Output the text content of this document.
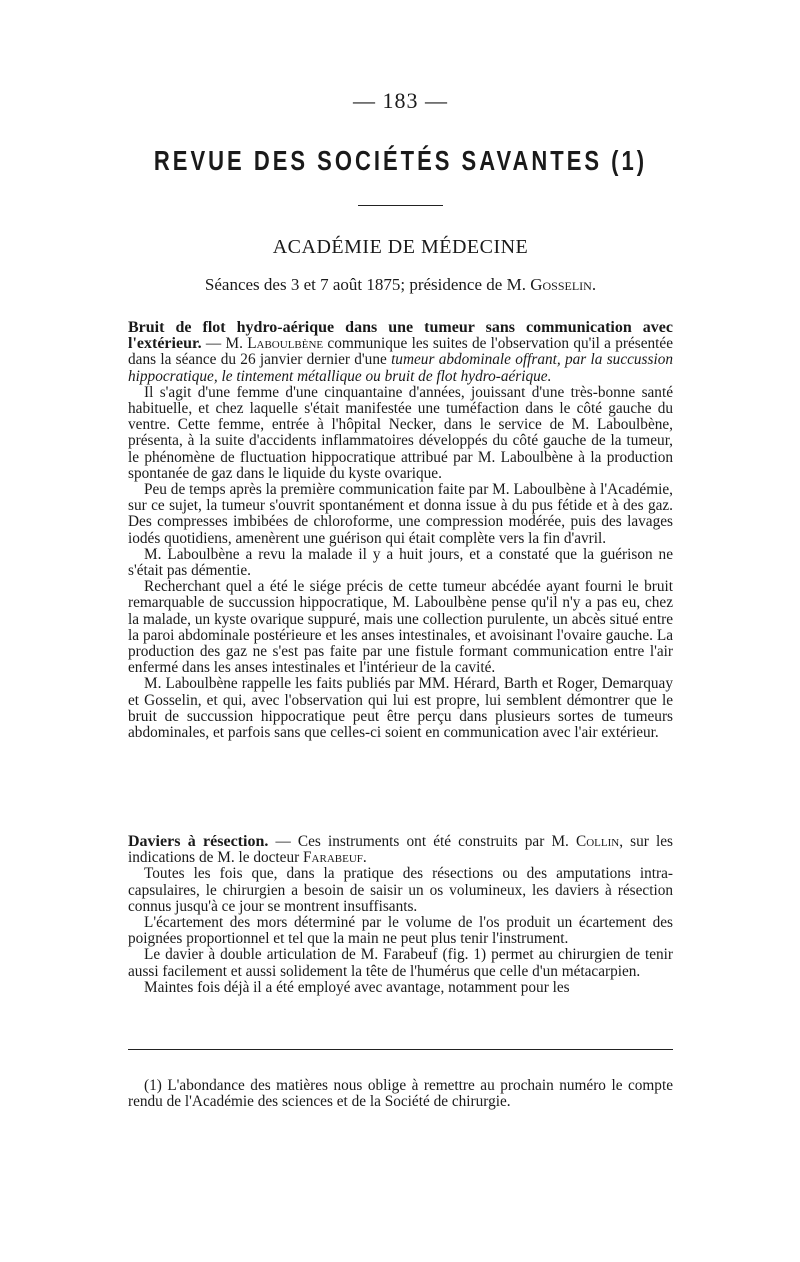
— 183 —
REVUE DES SOCIÉTÉS SAVANTES (1)
ACADÉMIE DE MÉDECINE
Séances des 3 et 7 août 1875; présidence de M. Gosselin.

Bruit de flot hydro-aérique dans une tumeur sans communication avec l'extérieur. — M. Laboulbène communique les suites de l'observation qu'il a présentée dans la séance du 26 janvier dernier d'une tumeur abdominale offrant, par la succussion hippocratique, le tintement métallique ou bruit de flot hydro-aérique.

Il s'agit d'une femme d'une cinquantaine d'années, jouissant d'une très-bonne santé habituelle, et chez laquelle s'était manifestée une tuméfaction dans le côté gauche du ventre. Cette femme, entrée à l'hôpital Necker, dans le service de M. Laboulbène, présenta, à la suite d'accidents inflammatoires développés du côté gauche de la tumeur, le phénomène de fluctuation hippocratique attribué par M. Laboulbène à la production spontanée de gaz dans le liquide du kyste ovarique.

Peu de temps après la première communication faite par M. Laboulbène à l'Académie, sur ce sujet, la tumeur s'ouvrit spontanément et donna issue à du pus fétide et à des gaz. Des compresses imbibées de chloroforme, une compression modérée, puis des lavages iodés quotidiens, amenèrent une guérison qui était complète vers la fin d'avril.

M. Laboulbène a revu la malade il y a huit jours, et a constaté que la guérison ne s'était pas démentie.

Recherchant quel a été le siége précis de cette tumeur abcédée ayant fourni le bruit remarquable de succussion hippocratique, M. Laboulbène pense qu'il n'y a pas eu, chez la malade, un kyste ovarique suppuré, mais une collection purulente, un abcès situé entre la paroi abdominale postérieure et les anses intestinales, et avoisinant l'ovaire gauche. La production des gaz ne s'est pas faite par une fistule formant communication entre l'air enfermé dans les anses intestinales et l'intérieur de la cavité.

M. Laboulbène rappelle les faits publiés par MM. Hérard, Barth et Roger, Demarquay et Gosselin, et qui, avec l'observation qui lui est propre, lui semblent démontrer que le bruit de succussion hippocratique peut être perçu dans plusieurs sortes de tumeurs abdominales, et parfois sans que celles-ci soient en communication avec l'air extérieur.

Daviers à résection. — Ces instruments ont été construits par M. Collin, sur les indications de M. le docteur Farabeuf.

Toutes les fois que, dans la pratique des résections ou des amputations intra-capsulaires, le chirurgien a besoin de saisir un os volumineux, les daviers à résection connus jusqu'à ce jour se montrent insuffisants.

L'écartement des mors déterminé par le volume de l'os produit un écartement des poignées proportionnel et tel que la main ne peut plus tenir l'instrument.

Le davier à double articulation de M. Farabeuf (fig. 1) permet au chirurgien de tenir aussi facilement et aussi solidement la tête de l'humérus que celle d'un métacarpien.

Maintes fois déjà il a été employé avec avantage, notamment pour les

(1) L'abondance des matières nous oblige à remettre au prochain numéro le compte rendu de l'Académie des sciences et de la Société de chirurgie.
